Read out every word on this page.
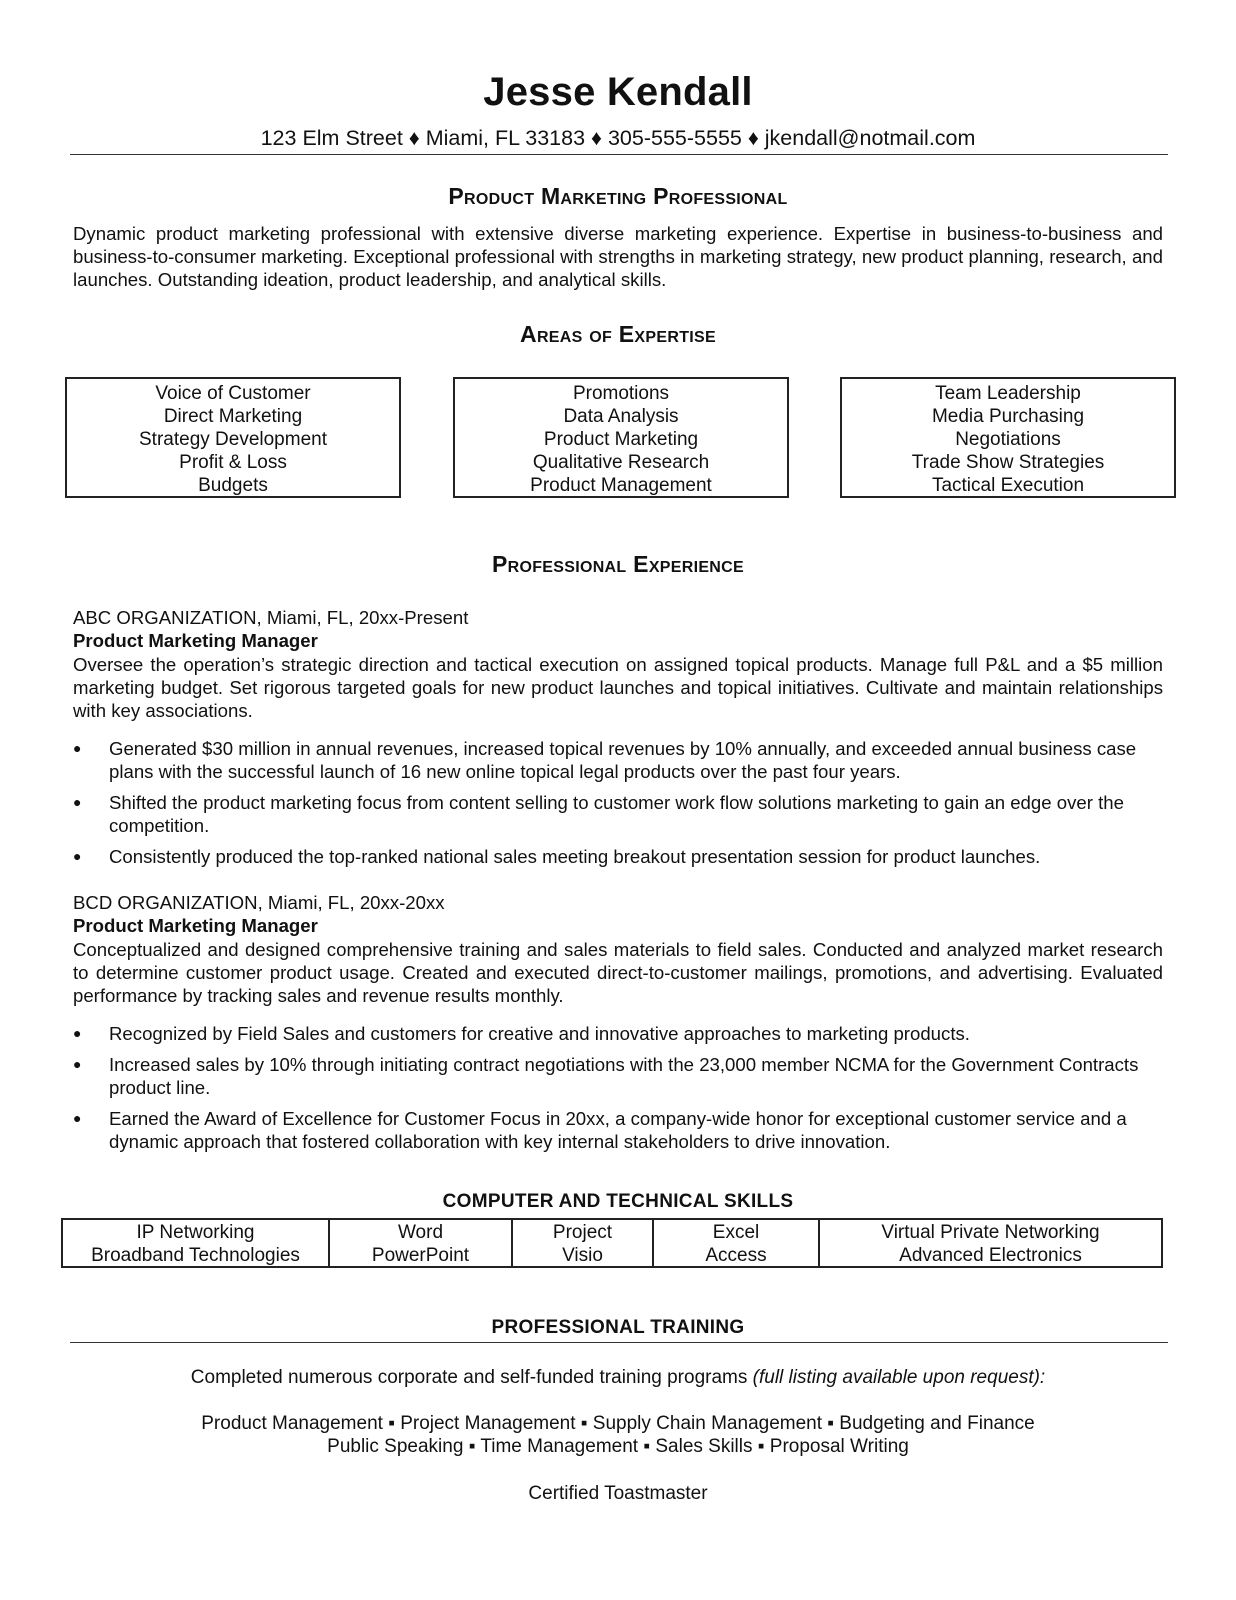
Jesse Kendall
123 Elm Street ♦ Miami, FL 33183 ♦ 305-555-5555 ♦ jkendall@notmail.com
Product Marketing Professional
Dynamic product marketing professional with extensive diverse marketing experience. Expertise in business-to-business and business-to-consumer marketing. Exceptional professional with strengths in marketing strategy, new product planning, research, and launches. Outstanding ideation, product leadership, and analytical skills.
Areas of Expertise
Voice of Customer
Direct Marketing
Strategy Development
Profit & Loss
Budgets
Promotions
Data Analysis
Product Marketing
Qualitative Research
Product Management
Team Leadership
Media Purchasing
Negotiations
Trade Show Strategies
Tactical Execution
Professional Experience
ABC ORGANIZATION, Miami, FL, 20xx-Present
Product Marketing Manager
Oversee the operation’s strategic direction and tactical execution on assigned topical products. Manage full P&L and a $5 million marketing budget. Set rigorous targeted goals for new product launches and topical initiatives. Cultivate and maintain relationships with key associations.
● Generated $30 million in annual revenues, increased topical revenues by 10% annually, and exceeded annual business case plans with the successful launch of 16 new online topical legal products over the past four years.
● Shifted the product marketing focus from content selling to customer work flow solutions marketing to gain an edge over the competition.
● Consistently produced the top-ranked national sales meeting breakout presentation session for product launches.
BCD ORGANIZATION, Miami, FL, 20xx-20xx
Product Marketing Manager
Conceptualized and designed comprehensive training and sales materials to field sales. Conducted and analyzed market research to determine customer product usage. Created and executed direct-to-customer mailings, promotions, and advertising. Evaluated performance by tracking sales and revenue results monthly.
● Recognized by Field Sales and customers for creative and innovative approaches to marketing products.
● Increased sales by 10% through initiating contract negotiations with the 23,000 member NCMA for the Government Contracts product line.
● Earned the Award of Excellence for Customer Focus in 20xx, a company-wide honor for exceptional customer service and a dynamic approach that fostered collaboration with key internal stakeholders to drive innovation.
COMPUTER AND TECHNICAL SKILLS
IP Networking
Broadband Technologies
Word
PowerPoint
Project
Visio
Excel
Access
Virtual Private Networking
Advanced Electronics
PROFESSIONAL TRAINING
Completed numerous corporate and self-funded training programs (full listing available upon request):
Product Management ▪ Project Management ▪ Supply Chain Management ▪ Budgeting and Finance
Public Speaking ▪ Time Management ▪ Sales Skills ▪ Proposal Writing
Certified Toastmaster
